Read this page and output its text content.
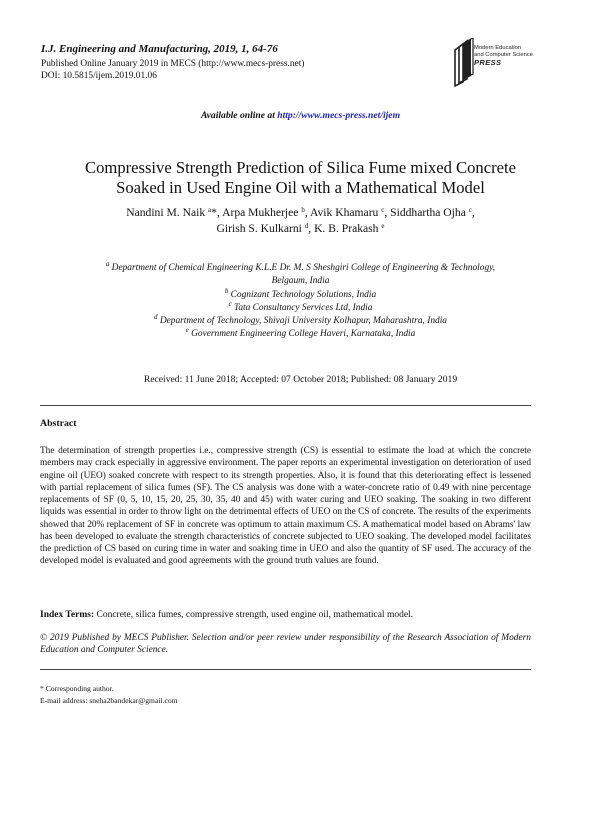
I.J. Engineering and Manufacturing, 2019, 1, 64-76
Published Online January 2019 in MECS (http://www.mecs-press.net)
DOI: 10.5815/ijem.2019.01.06
Modern Education
and Computer Science
PRESS
Available online at http://www.mecs-press.net/ijem
Compressive Strength Prediction of Silica Fume mixed Concrete
Soaked in Used Engine Oil with a Mathematical Model
Nandini M. Naik $^a$*, Arpa Mukherjee $^b$, Avik Khamaru $^c$, Siddhartha Ojha $^c$,
Girish S. Kulkarni $^d$, K. B. Prakash $^e$
$^a$ Department of Chemical Engineering K.L.E Dr. M. S Sheshgiri College of Engineering & Technology,
Belgaum, India
$^b$ Cognizant Technology Solutions, India
$^c$ Tata Consultancy Services Ltd, India
$^d$ Department of Technology, Shivaji University Kolhapur, Maharashtra, India
$^e$ Government Engineering College Haveri, Karnataka, India
Received: 11 June 2018; Accepted: 07 October 2018; Published: 08 January 2019
Abstract
The determination of strength properties i.e., compressive strength (CS) is essential to estimate the load at which the concrete members may crack especially in aggressive environment. The paper reports an experimental investigation on deterioration of used engine oil (UEO) soaked concrete with respect to its strength properties. Also, it is found that this deteriorating effect is lessened with partial replacement of silica fumes (SF). The CS analysis was done with a water-concrete ratio of 0.49 with nine percentage replacements of SF (0, 5, 10, 15, 20, 25, 30, 35, 40 and 45) with water curing and UEO soaking. The soaking in two different liquids was essential in order to throw light on the detrimental effects of UEO on the CS of concrete. The results of the experiments showed that 20% replacement of SF in concrete was optimum to attain maximum CS. A mathematical model based on Abrams' law has been developed to evaluate the strength characteristics of concrete subjected to UEO soaking. The developed model facilitates the prediction of CS based on curing time in water and soaking time in UEO and also the quantity of SF used. The accuracy of the developed model is evaluated and good agreements with the ground truth values are found.
Index Terms: Concrete, silica fumes, compressive strength, used engine oil, mathematical model.
© 2019 Published by MECS Publisher. Selection and/or peer review under responsibility of the Research Association of Modern Education and Computer Science.
* Corresponding author.
E-mail address: sneha2bandekar@gmail.com
